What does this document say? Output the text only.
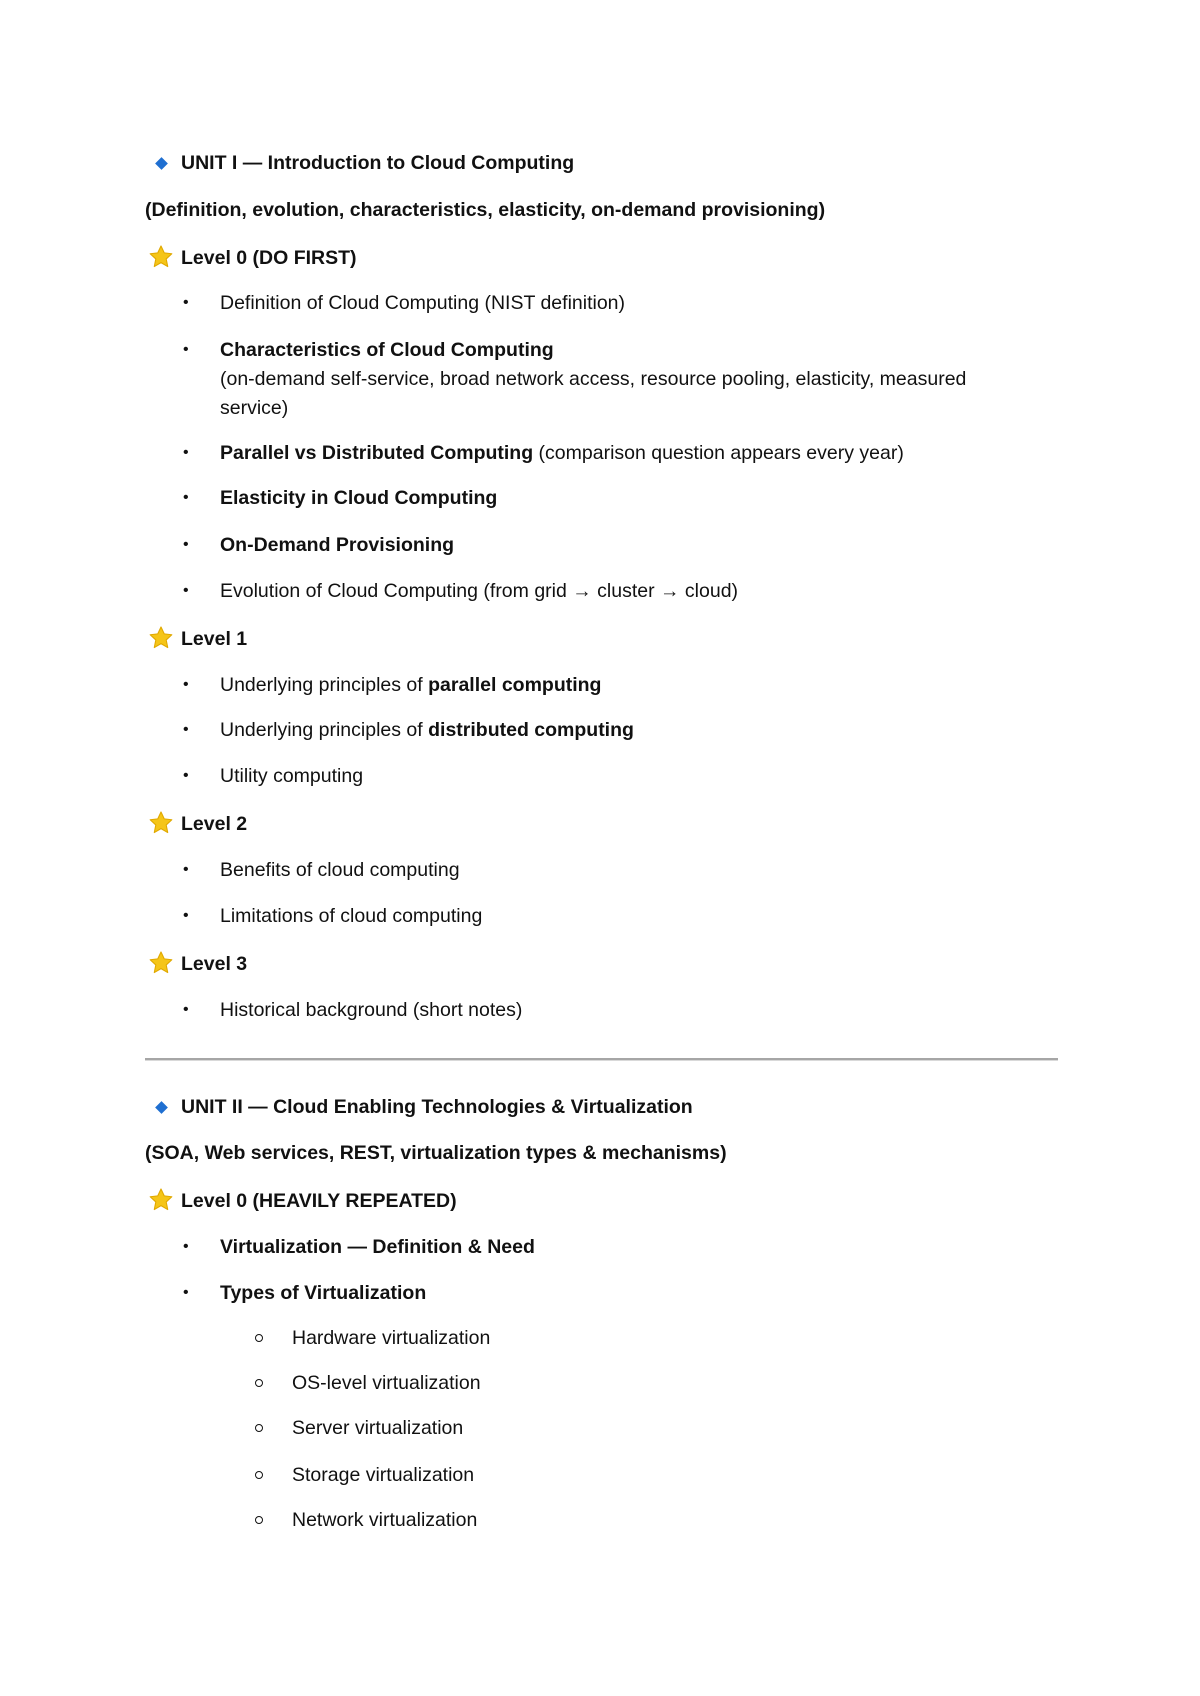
UNIT I — Introduction to Cloud Computing
(Definition, evolution, characteristics, elasticity, on-demand provisioning)
Level 0 (DO FIRST)
• Definition of Cloud Computing (NIST definition)
• Characteristics of Cloud Computing
(on-demand self-service, broad network access, resource pooling, elasticity, measured
service)
• Parallel vs Distributed Computing (comparison question appears every year)
• Elasticity in Cloud Computing
• On-Demand Provisioning
• Evolution of Cloud Computing (from grid → cluster → cloud)
Level 1
• Underlying principles of parallel computing
• Underlying principles of distributed computing
• Utility computing
Level 2
• Benefits of cloud computing
• Limitations of cloud computing
Level 3
• Historical background (short notes)
UNIT II — Cloud Enabling Technologies & Virtualization
(SOA, Web services, REST, virtualization types & mechanisms)
Level 0 (HEAVILY REPEATED)
• Virtualization — Definition & Need
• Types of Virtualization
Hardware virtualization
OS-level virtualization
Server virtualization
Storage virtualization
Network virtualization
